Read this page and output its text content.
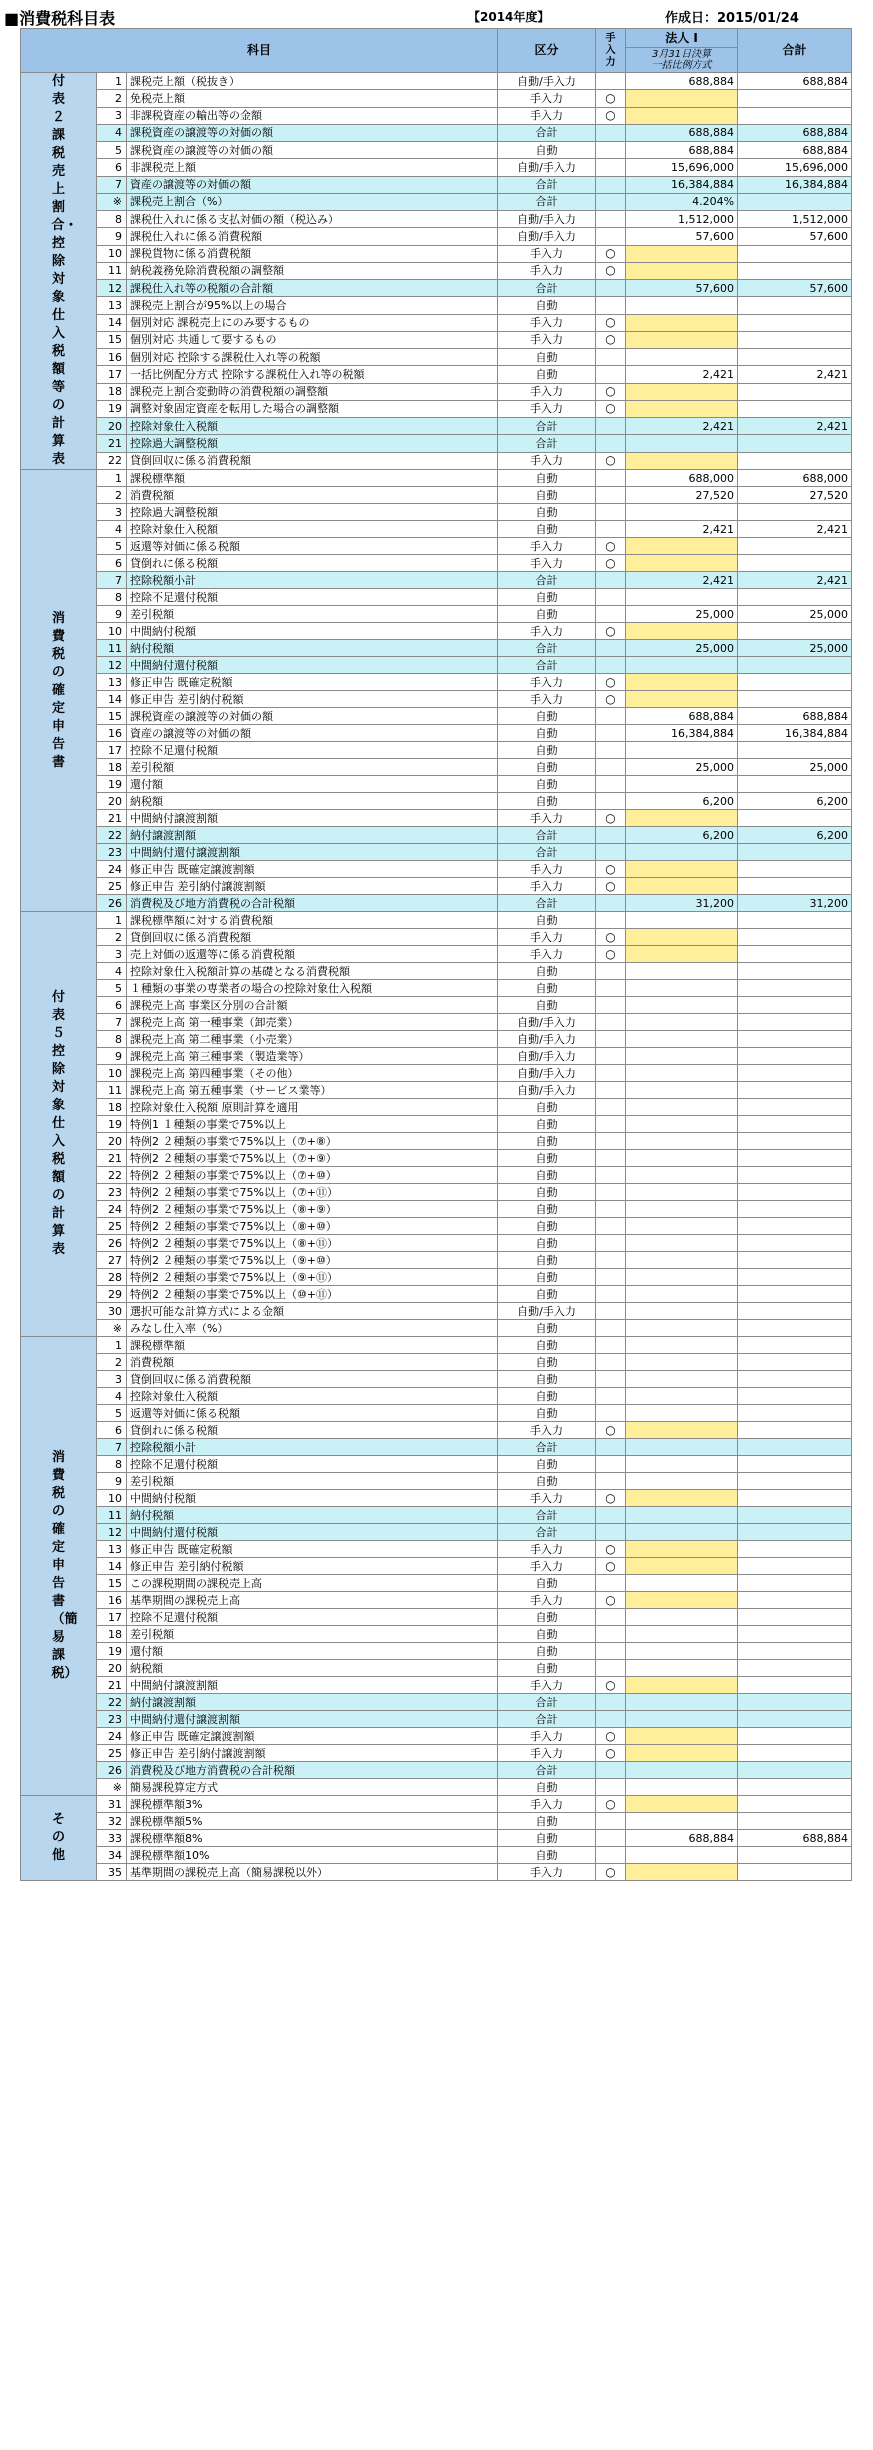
■消費税科目表	【2014年度】	作成日：2015/01/24
科目			区分	手入力	法人 Ⅰ	合計

					3月31日決算
一括比例方式	

付表２　課税売上割合・控除対象仕入税額等の計算表	1	課税売上額（税抜き）	自動/手入力		688,884	688,884
	2	免税売上額	手入力	○		
	3	非課税資産の輸出等の金額	手入力	○		
	4	課税資産の譲渡等の対価の額	合計		688,884	688,884
	5	課税資産の譲渡等の対価の額	自動		688,884	688,884
	6	非課税売上額	自動/手入力		15,696,000	15,696,000
	7	資産の譲渡等の対価の額	合計		16,384,884	16,384,884
	※	課税売上割合（%）	合計		4.204%	
	8	課税仕入れに係る支払対価の額（税込み）	自動/手入力		1,512,000	1,512,000
	9	課税仕入れに係る消費税額	自動/手入力		57,600	57,600
	10	課税貨物に係る消費税額	手入力	○		
	11	納税義務免除消費税額の調整額	手入力	○		
	12	課税仕入れ等の税額の合計額	合計		57,600	57,600
	13	課税売上割合が95%以上の場合	自動			
	14	個別対応 課税売上にのみ要するもの	手入力	○		
	15	個別対応 共通して要するもの	手入力	○		
	16	個別対応 控除する課税仕入れ等の税額	自動			
	17	一括比例配分方式 控除する課税仕入れ等の税額	自動		2,421	2,421
	18	課税売上割合変動時の消費税額の調整額	手入力	○		
	19	調整対象固定資産を転用した場合の調整額	手入力	○		
	20	控除対象仕入税額	合計		2,421	2,421
	21	控除過大調整税額	合計			
	22	貸倒回収に係る消費税額	手入力	○		

消費税の確定申告書	1	課税標準額	自動		688,000	688,000
	2	消費税額	自動		27,520	27,520
	3	控除過大調整税額	自動			
	4	控除対象仕入税額	自動		2,421	2,421
	5	返還等対価に係る税額	手入力	○		
	6	貸倒れに係る税額	手入力	○		
	7	控除税額小計	合計		2,421	2,421
	8	控除不足還付税額	自動			
	9	差引税額	自動		25,000	25,000
	10	中間納付税額	手入力	○		
	11	納付税額	合計		25,000	25,000
	12	中間納付還付税額	合計			
	13	修正申告 既確定税額	手入力	○		
	14	修正申告 差引納付税額	手入力	○		
	15	課税資産の譲渡等の対価の額	自動		688,884	688,884
	16	資産の譲渡等の対価の額	自動		16,384,884	16,384,884
	17	控除不足還付税額	自動			
	18	差引税額	自動		25,000	25,000
	19	還付額	自動			
	20	納税額	自動		6,200	6,200
	21	中間納付譲渡割額	手入力	○		
	22	納付譲渡割額	合計		6,200	6,200
	23	中間納付還付譲渡割額	合計			
	24	修正申告 既確定譲渡割額	手入力	○		
	25	修正申告 差引納付譲渡割額	手入力	○		
	26	消費税及び地方消費税の合計税額	合計		31,200	31,200

付表５　控除対象仕入税額の計算表	1	課税標準額に対する消費税額	自動			
	2	貸倒回収に係る消費税額	手入力	○		
	3	売上対価の返還等に係る消費税額	手入力	○		
	4	控除対象仕入税額計算の基礎となる消費税額	自動			
	5	１種類の事業の専業者の場合の控除対象仕入税額	自動			
	6	課税売上高 事業区分別の合計額	自動			
	7	課税売上高 第一種事業（卸売業）	自動/手入力			
	8	課税売上高 第二種事業（小売業）	自動/手入力			
	9	課税売上高 第三種事業（製造業等）	自動/手入力			
	10	課税売上高 第四種事業（その他）	自動/手入力			
	11	課税売上高 第五種事業（サービス業等）	自動/手入力			
	18	控除対象仕入税額 原則計算を適用	自動			
	19	特例1 １種類の事業で75%以上	自動			
	20	特例2 ２種類の事業で75%以上（⑦+⑧）	自動			
	21	特例2 ２種類の事業で75%以上（⑦+⑨）	自動			
	22	特例2 ２種類の事業で75%以上（⑦+⑩）	自動			
	23	特例2 ２種類の事業で75%以上（⑦+⑪）	自動			
	24	特例2 ２種類の事業で75%以上（⑧+⑨）	自動			
	25	特例2 ２種類の事業で75%以上（⑧+⑩）	自動			
	26	特例2 ２種類の事業で75%以上（⑧+⑪）	自動			
	27	特例2 ２種類の事業で75%以上（⑨+⑩）	自動			
	28	特例2 ２種類の事業で75%以上（⑨+⑪）	自動			
	29	特例2 ２種類の事業で75%以上（⑩+⑪）	自動			
	30	選択可能な計算方式による金額	自動/手入力			
	※	みなし仕入率（%）	自動			

消費税の確定申告書（簡易課税）	1	課税標準額	自動			
	2	消費税額	自動			
	3	貸倒回収に係る消費税額	自動			
	4	控除対象仕入税額	自動			
	5	返還等対価に係る税額	自動			
	6	貸倒れに係る税額	手入力	○		
	7	控除税額小計	合計			
	8	控除不足還付税額	自動			
	9	差引税額	自動			
	10	中間納付税額	手入力	○		
	11	納付税額	合計			
	12	中間納付還付税額	合計			
	13	修正申告 既確定税額	手入力	○		
	14	修正申告 差引納付税額	手入力	○		
	15	この課税期間の課税売上高	自動			
	16	基準期間の課税売上高	手入力	○		
	17	控除不足還付税額	自動			
	18	差引税額	自動			
	19	還付額	自動			
	20	納税額	自動			
	21	中間納付譲渡割額	手入力	○		
	22	納付譲渡割額	合計			
	23	中間納付還付譲渡割額	合計			
	24	修正申告 既確定譲渡割額	手入力	○		
	25	修正申告 差引納付譲渡割額	手入力	○		
	26	消費税及び地方消費税の合計税額	合計			
	※	簡易課税算定方式	自動			

その他	31	課税標準額3%	手入力	○		
	32	課税標準額5%	自動			
	33	課税標準額8%	自動		688,884	688,884
	34	課税標準額10%	自動			
	35	基準期間の課税売上高（簡易課税以外）	手入力	○		
